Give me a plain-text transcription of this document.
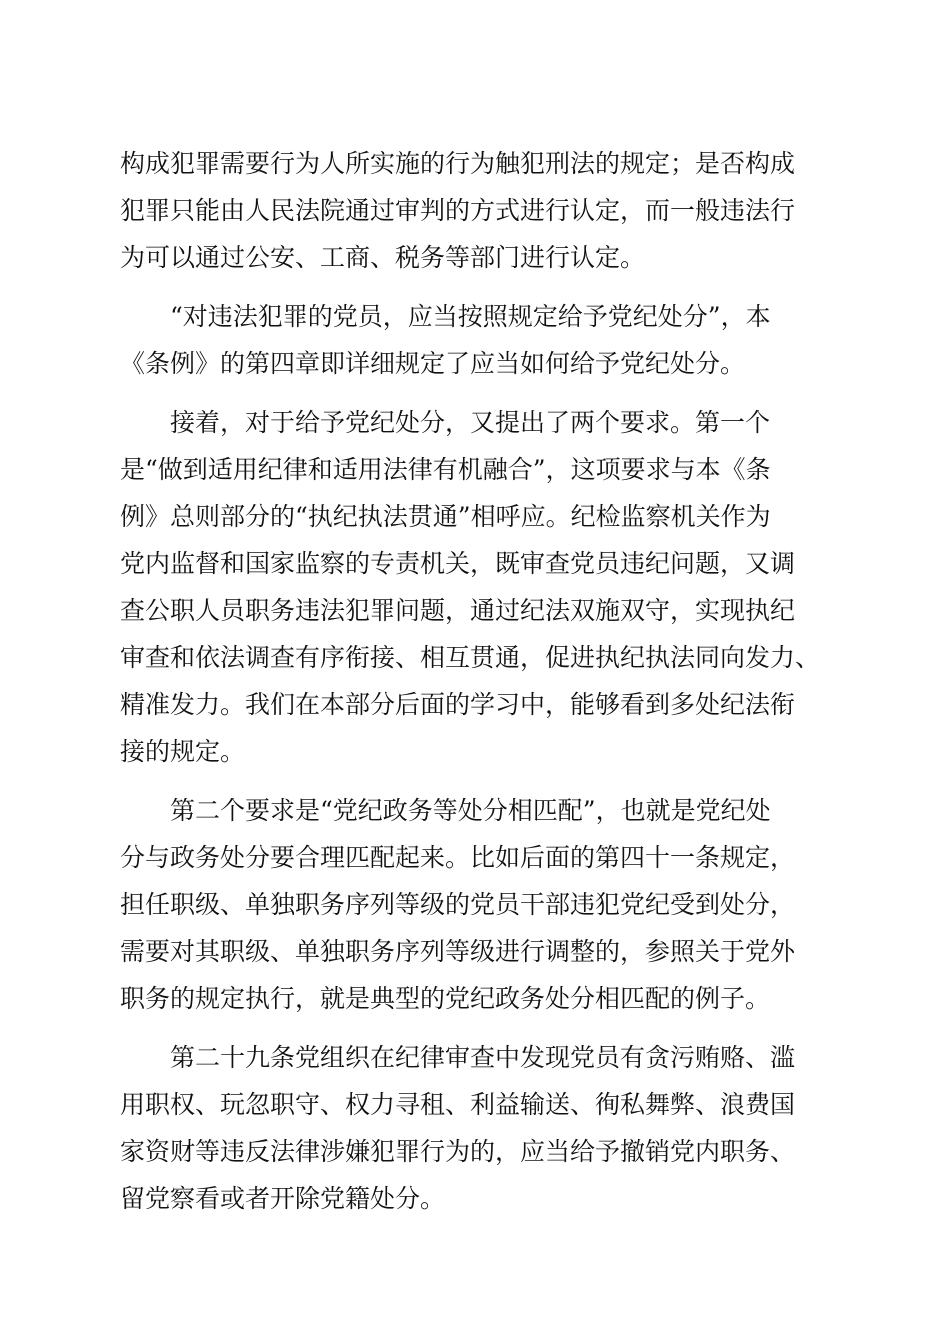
构成犯罪需要行为人所实施的行为触犯刑法的规定；是否构成
犯罪只能由人民法院通过审判的方式进行认定，而一般违法行
为可以通过公安、工商、税务等部门进行认定。

“对违法犯罪的党员，应当按照规定给予党纪处分”，本
《条例》的第四章即详细规定了应当如何给予党纪处分。

接着，对于给予党纪处分，又提出了两个要求。第一个
是“做到适用纪律和适用法律有机融合”，这项要求与本《条
例》总则部分的“执纪执法贯通”相呼应。纪检监察机关作为
党内监督和国家监察的专责机关，既审查党员违纪问题，又调
查公职人员职务违法犯罪问题，通过纪法双施双守，实现执纪
审查和依法调查有序衔接、相互贯通，促进执纪执法同向发力、
精准发力。我们在本部分后面的学习中，能够看到多处纪法衔
接的规定。

第二个要求是“党纪政务等处分相匹配”，也就是党纪处
分与政务处分要合理匹配起来。比如后面的第四十一条规定，
担任职级、单独职务序列等级的党员干部违犯党纪受到处分，
需要对其职级、单独职务序列等级进行调整的，参照关于党外
职务的规定执行，就是典型的党纪政务处分相匹配的例子。

第二十九条党组织在纪律审查中发现党员有贪污贿赂、滥
用职权、玩忽职守、权力寻租、利益输送、徇私舞弊、浪费国
家资财等违反法律涉嫌犯罪行为的，应当给予撤销党内职务、
留党察看或者开除党籍处分。
